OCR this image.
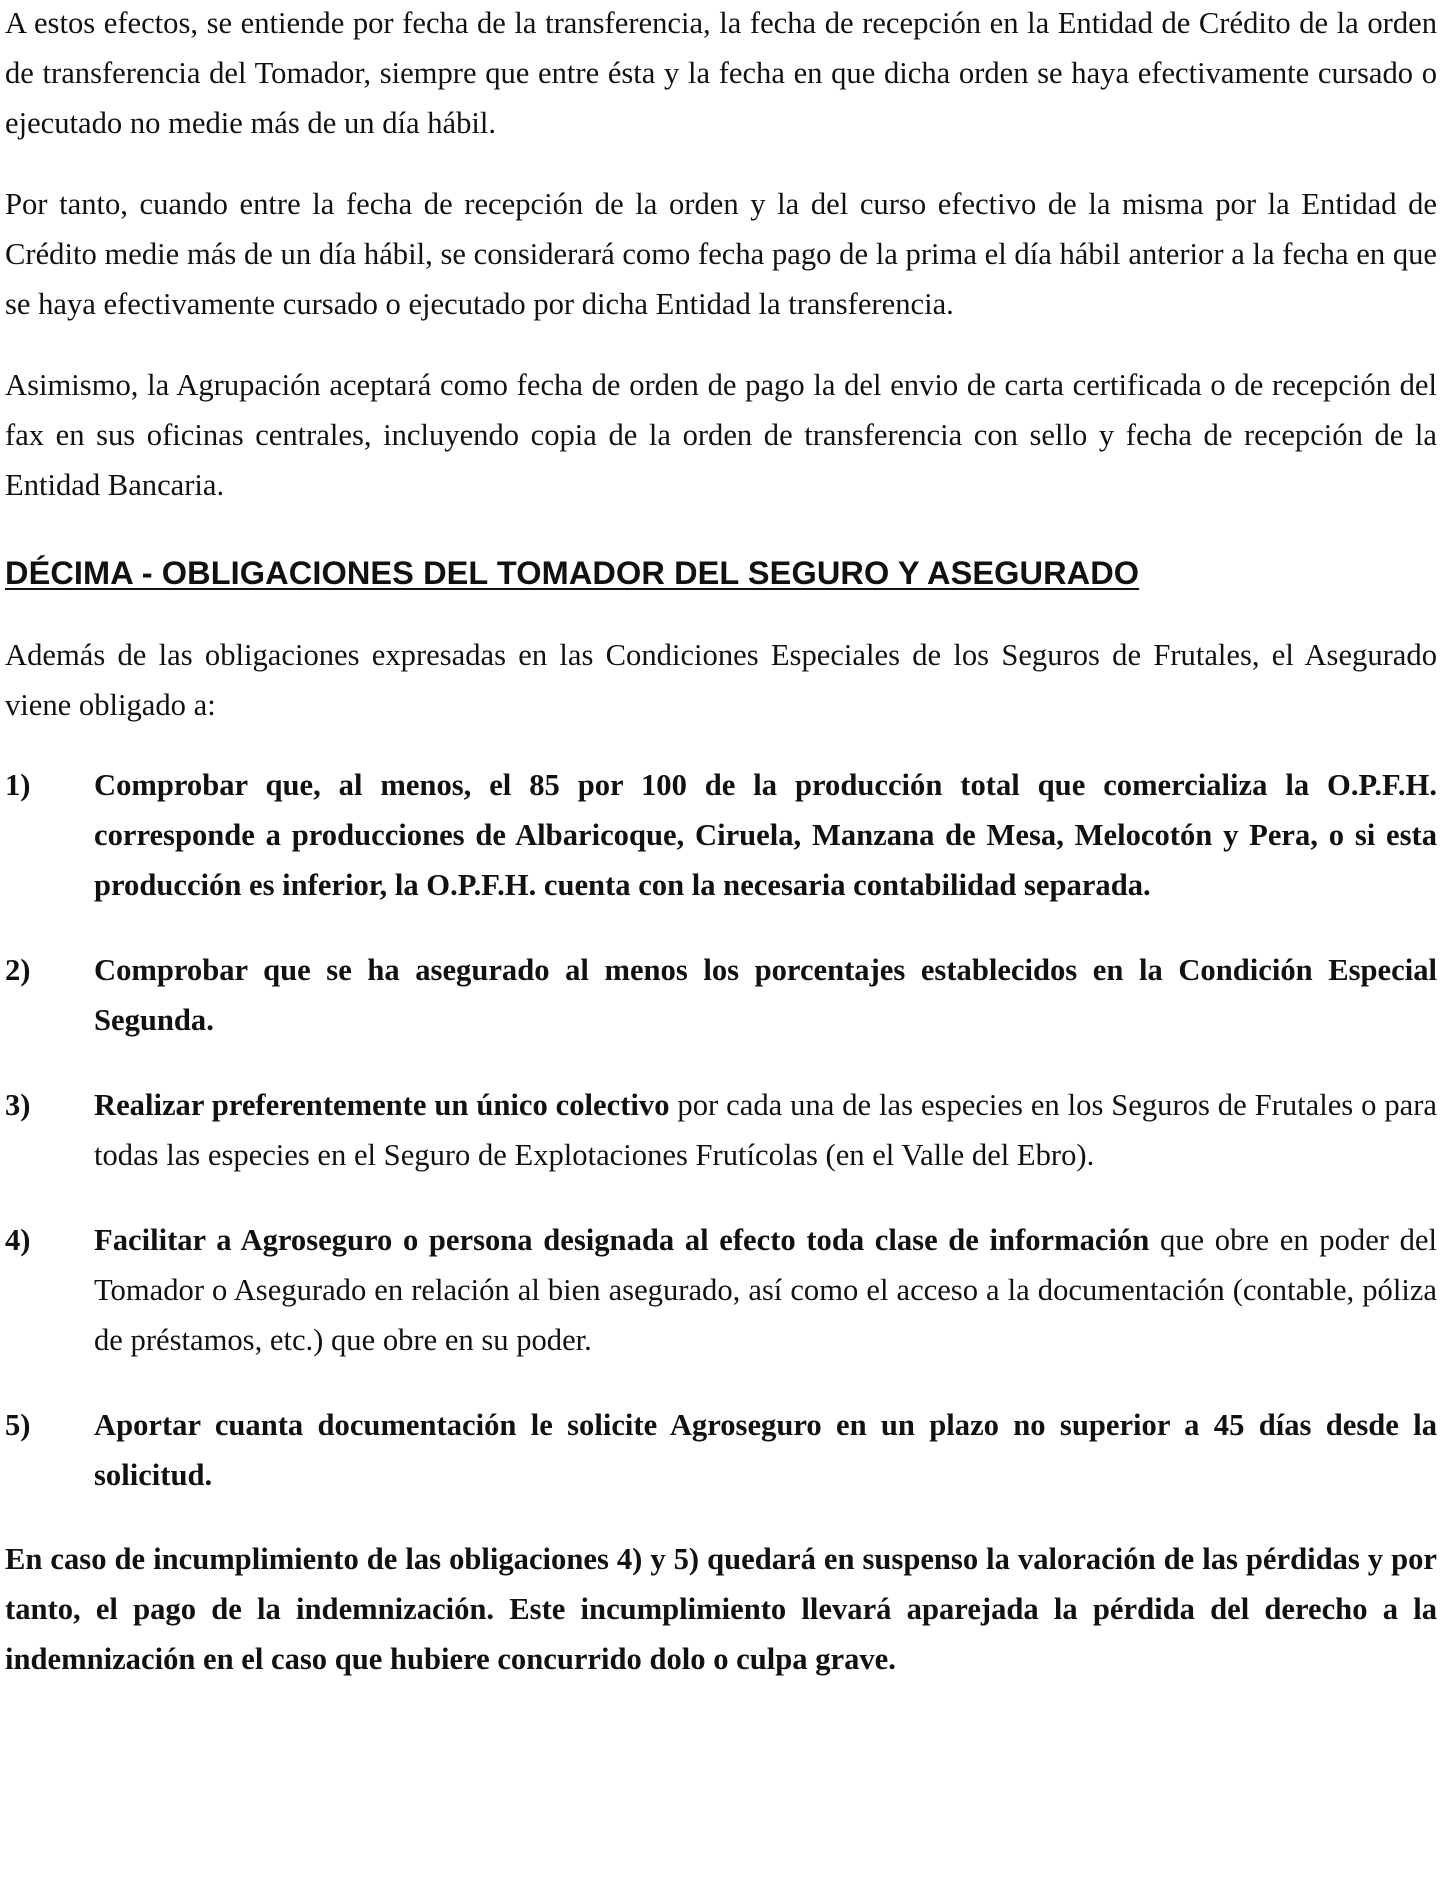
A estos efectos, se entiende por fecha de la transferencia, la fecha de recepción en la Entidad de Crédito de la orden de transferencia del Tomador, siempre que entre ésta y la fecha en que dicha orden se haya efectivamente cursado o ejecutado no medie más de un día hábil.

Por tanto, cuando entre la fecha de recepción de la orden y la del curso efectivo de la misma por la Entidad de Crédito medie más de un día hábil, se considerará como fecha pago de la prima el día hábil anterior a la fecha en que se haya efectivamente cursado o ejecutado por dicha Entidad la transferencia.

Asimismo, la Agrupación aceptará como fecha de orden de pago la del envio de carta certificada o de recepción del fax en sus oficinas centrales, incluyendo copia de la orden de transferencia con sello y fecha de recepción de la Entidad Bancaria.

DÉCIMA - OBLIGACIONES DEL TOMADOR DEL SEGURO Y ASEGURADO

Además de las obligaciones expresadas en las Condiciones Especiales de los Seguros de Frutales, el Asegurado viene obligado a:

1) Comprobar que, al menos, el 85 por 100 de la producción total que comercializa la O.P.F.H. corresponde a producciones de Albaricoque, Ciruela, Manzana de Mesa, Melocotón y Pera, o si esta producción es inferior, la O.P.F.H. cuenta con la necesaria contabilidad separada.
2) Comprobar que se ha asegurado al menos los porcentajes establecidos en la Condición Especial Segunda.
3) Realizar preferentemente un único colectivo por cada una de las especies en los Seguros de Frutales o para todas las especies en el Seguro de Explotaciones Frutícolas (en el Valle del Ebro).
4) Facilitar a Agroseguro o persona designada al efecto toda clase de información que obre en poder del Tomador o Asegurado en relación al bien asegurado, así como el acceso a la documentación (contable, póliza de préstamos, etc.) que obre en su poder.
5) Aportar cuanta documentación le solicite Agroseguro en un plazo no superior a 45 días desde la solicitud.

En caso de incumplimiento de las obligaciones 4) y 5) quedará en suspenso la valoración de las pérdidas y por tanto, el pago de la indemnización. Este incumplimiento llevará aparejada la pérdida del derecho a la indemnización en el caso que hubiere concurrido dolo o culpa grave.
